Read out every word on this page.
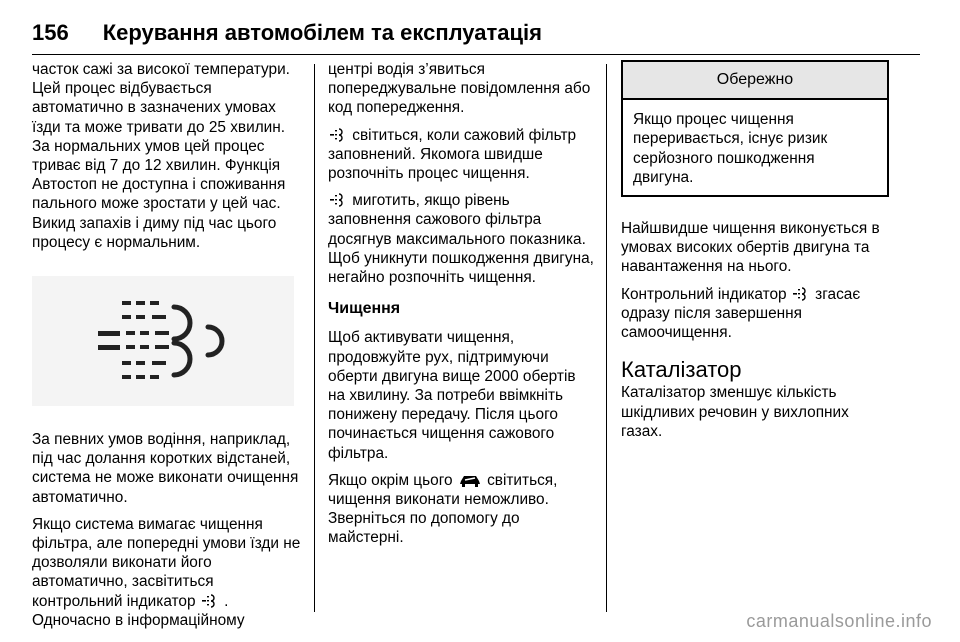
156 Керування автомобілем та експлуатація

часток сажі за високої температури. Цей процес відбувається автоматично в зазначених умовах їзди та може тривати до 25 хвилин. За нормальних умов цей процес триває від 7 до 12 хвилин. Функція Автостоп не доступна і споживання пального може зростати у цей час. Викид запахів і диму під час цього процесу є нормальним.

За певних умов водіння, наприклад, під час долання коротких відстаней, система не може виконати очищення автоматично.

Якщо система вимагає чищення фільтра, але попередні умови їзди не дозволяли виконати його автоматично, засвітиться контрольний індикатор . Одночасно в інформаційному

центрі водія з’явиться попереджувальне повідомлення або код попередження.

світиться, коли сажовий фільтр заповнений. Якомога швидше розпочніть процес чищення.

миготить, якщо рівень заповнення сажового фільтра досягнув максимального показника. Щоб уникнути пошкодження двигуна, негайно розпочніть чищення.

Чищення

Щоб активувати чищення, продовжуйте рух, підтримуючи оберти двигуна вище 2000 обертів на хвилину. За потреби ввімкніть понижену передачу. Після цього починається чищення сажового фільтра.

Якщо окрім цього світиться, чищення виконати неможливо. Зверніться по допомогу до майстерні.

Обережно

Якщо процес чищення переривається, існує ризик серйозного пошкодження двигуна.

Найшвидше чищення виконується в умовах високих обертів двигуна та навантаження на нього.

Контрольний індикатор згасає одразу після завершення самоочищення.

Каталізатор

Каталізатор зменшує кількість шкідливих речовин у вихлопних газах.

carmanualsonline.info
